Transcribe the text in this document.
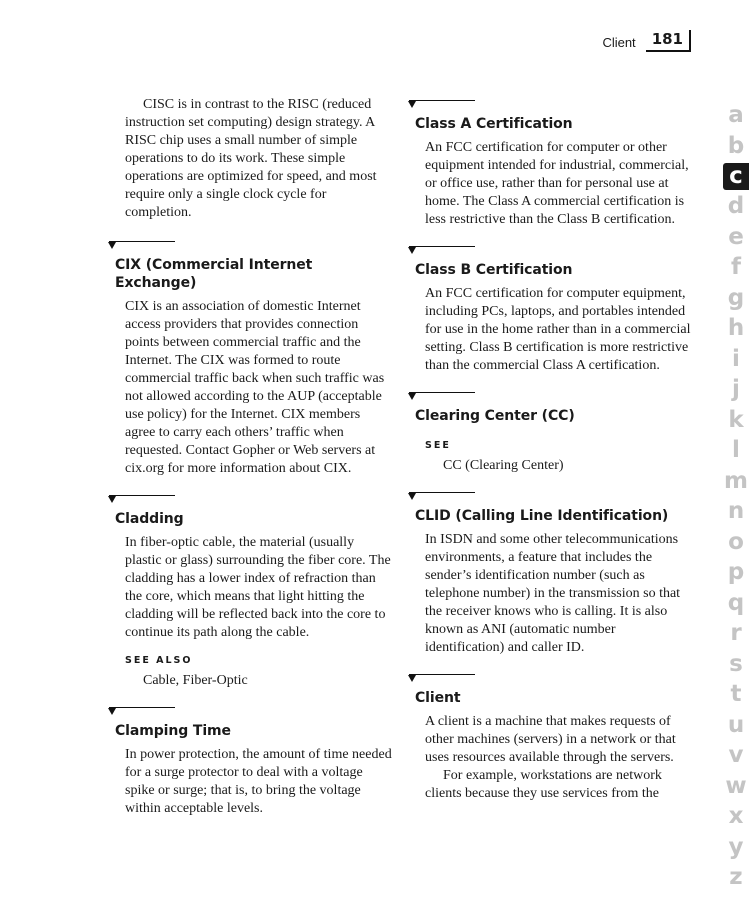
Client	181

CISC is in contrast to the RISC (reduced instruction set computing) design strategy. A RISC chip uses a small number of simple operations to do its work. These simple operations are optimized for speed, and most require only a single clock cycle for completion.

CIX (Commercial Internet Exchange)

CIX is an association of domestic Internet access providers that provides connection points between commercial traffic and the Internet. The CIX was formed to route commercial traffic back when such traffic was not allowed according to the AUP (acceptable use policy) for the Internet. CIX members agree to carry each others’ traffic when requested. Contact Gopher or Web servers at cix.org for more information about CIX.

Cladding

In fiber-optic cable, the material (usually plastic or glass) surrounding the fiber core. The cladding has a lower index of refraction than the core, which means that light hitting the cladding will be reflected back into the core to continue its path along the cable.

SEE ALSO

Cable, Fiber-Optic

Clamping Time

In power protection, the amount of time needed for a surge protector to deal with a voltage spike or surge; that is, to bring the voltage within acceptable levels.

Class A Certification

An FCC certification for computer or other equipment intended for industrial, commercial, or office use, rather than for personal use at home. The Class A commercial certification is less restrictive than the Class B certification.

Class B Certification

An FCC certification for computer equipment, including PCs, laptops, and portables intended for use in the home rather than in a commercial setting. Class B certification is more restrictive than the commercial Class A certification.

Clearing Center (CC)
SEE

CC (Clearing Center)

CLID (Calling Line Identification)

In ISDN and some other telecommunications environments, a feature that includes the sender’s identification number (such as telephone number) in the transmission so that the receiver knows who is calling. It is also known as ANI (automatic number identification) and caller ID.

Client

A client is a machine that makes requests of other machines (servers) in a network or that uses resources available through the servers.

For example, workstations are network clients because they use services from the

a
b
c
d
e
f
g
h
i
j
k
l
m
n
o
p
q
r
s
t
u
v
w
x
y
z
